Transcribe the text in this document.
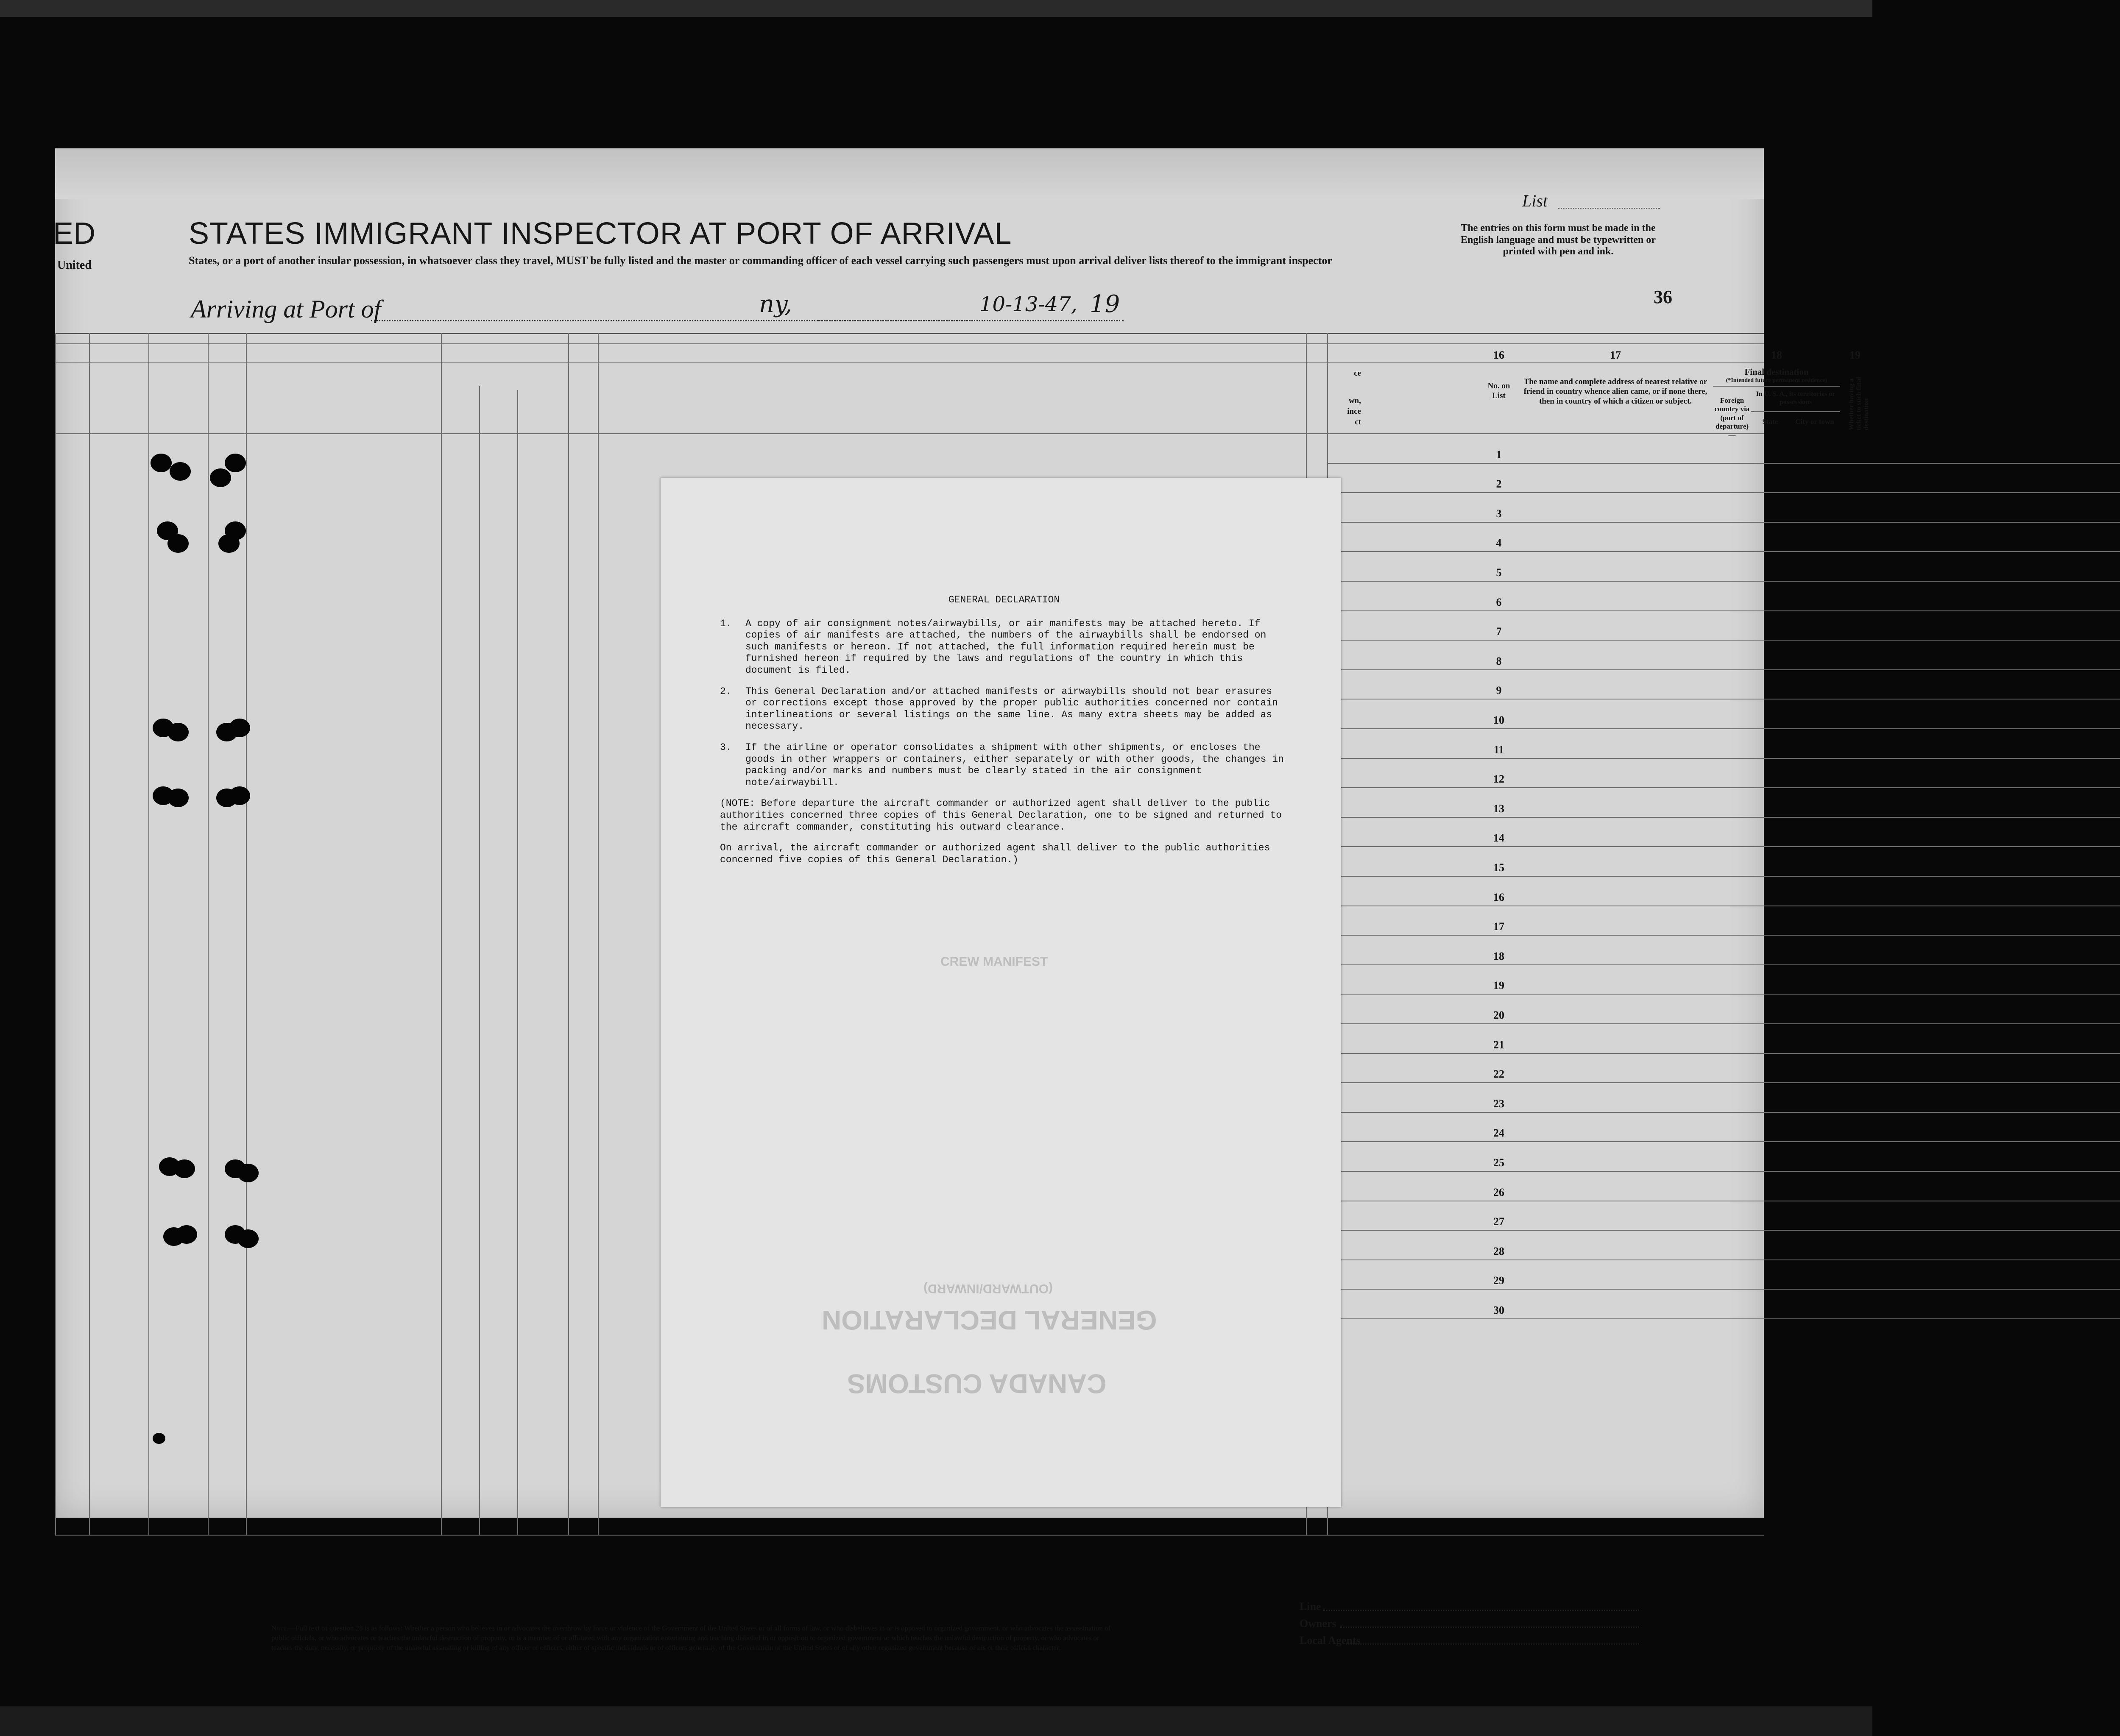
ED	STATES IMMIGRANT INSPECTOR AT PORT OF ARRIVAL
United	States, or a port of another insular possession, in whatsoever class they travel, MUST be fully listed and the master or commanding officer of each vessel carrying such passengers must upon arrival deliver lists thereof to the immigrant inspector
List
The entries on this form must be made in the English language and must be typewritten or printed with pen and ink.
Arriving at Port of	ny,	10-13-47, 19	36
16	17	18	19
ce
wn,
ince
ct
No. on List
The name and complete address of nearest relative or friend in country whence alien came, or if none there, then in country of which a citizen or subject.
Final destination
(*Intended future permanent residence)
Foreign country via (port of departure)—
In U. S. A., its territories or possessions
State	City or town	Whether having a ticket to such final destination
1
2
3
4
5
6
7
8
9
10
11
12
13
14
15
16
17
18
19
20
21
22
23
24
25
26
27
28
29
30
Note.—Full text of question 28 is as follows: Whether a person who believes in or advocates the overthrow by force or violence of the Government of the United States or of all forms of law, or who disbelieves in or is opposed to organized government, or who advocates the assassination of public officials, or who advocates or teaches the unlawful destruction of property, or is a member of or affiliated with any organization entertaining and teaching disbelief in or opposition to organized government or which teaches the unlawful destruction of property, or who advocates or teaches the duty, necessity, or propriety of the unlawful assaulting or killing of any officer or officers, either of specific individuals or of officers generally, of the Government of the United States or of any other organized government because of his or their official character.
Line
Owners
Local Agents
CREW MANIFEST
GENERAL DECLARATION
CANADA CUSTOMS
(OUTWARD/INWARD)
GENERAL DECLARATION
1.	A copy of air consignment notes/airwaybills, or air manifests may be attached hereto. If copies of air manifests are attached, the numbers of the airwaybills shall be endorsed on such manifests or hereon. If not attached, the full information required herein must be furnished hereon if required by the laws and regulations of the country in which this document is filed.
2.	This General Declaration and/or attached manifests or airwaybills should not bear erasures or corrections except those approved by the proper public authorities concerned nor contain interlineations or several listings on the same line. As many extra sheets may be added as necessary.
3.	If the airline or operator consolidates a shipment with other shipments, or encloses the goods in other wrappers or containers, either separately or with other goods, the changes in packing and/or marks and numbers must be clearly stated in the air consignment note/airwaybill.

(NOTE: Before departure the aircraft commander or authorized agent shall deliver to the public authorities concerned three copies of this General Declaration, one to be signed and returned to the aircraft commander, constituting his outward clearance.

On arrival, the aircraft commander or authorized agent shall deliver to the public authorities concerned five copies of this General Declaration.)
